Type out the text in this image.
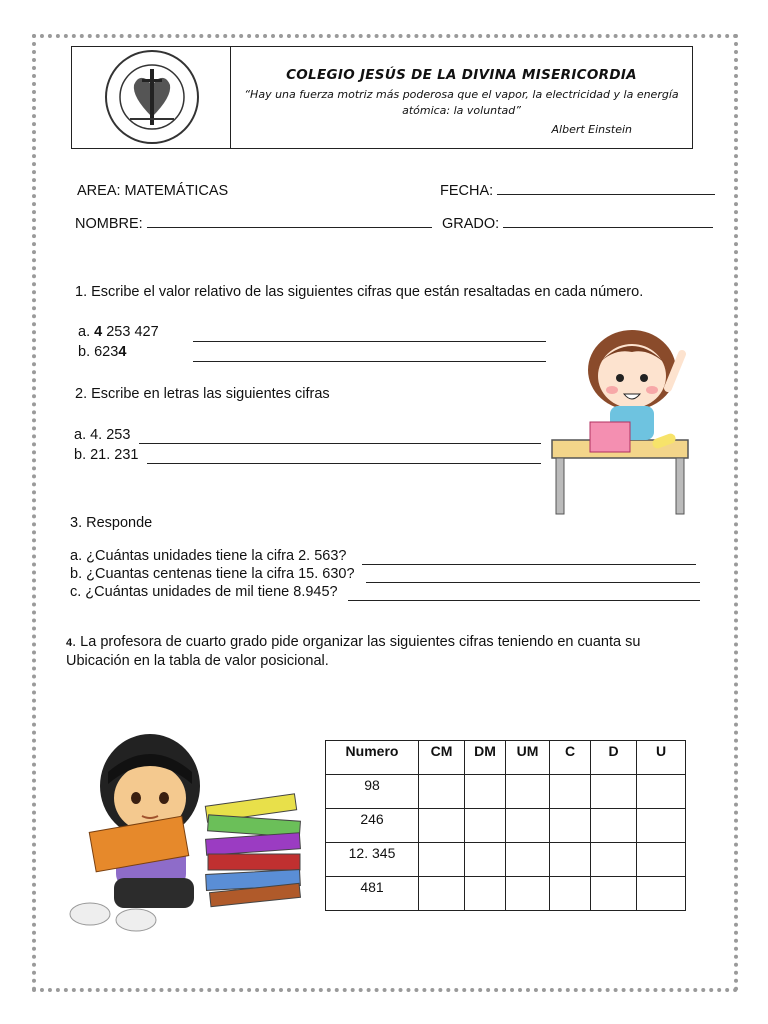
COLEGIO JESÚS DE LA DIVINA MISERICORDIA
“Hay una fuerza motriz más poderosa que el vapor, la electricidad y la energía
atómica: la voluntad”
Albert Einstein
AREA: MATEMÁTICAS	FECHA:
NOMBRE:	GRADO:
1. Escribe el valor relativo de las siguientes cifras que están resaltadas en cada número.
a. 4 253 427
b. 6234
2. Escribe en letras las siguientes cifras
a. 4. 253
b. 21. 231
3. Responde
a. ¿Cuántas unidades tiene la cifra 2. 563?
b. ¿Cuantas centenas tiene la cifra 15. 630?
c. ¿Cuántas unidades de mil tiene 8.945?
4. La profesora de cuarto grado pide organizar las siguientes cifras teniendo en cuanta su
Ubicación en la tabla de valor posicional.
Numero	CM	DM	UM	C	D	U
98						
246						
12. 345						
481						
